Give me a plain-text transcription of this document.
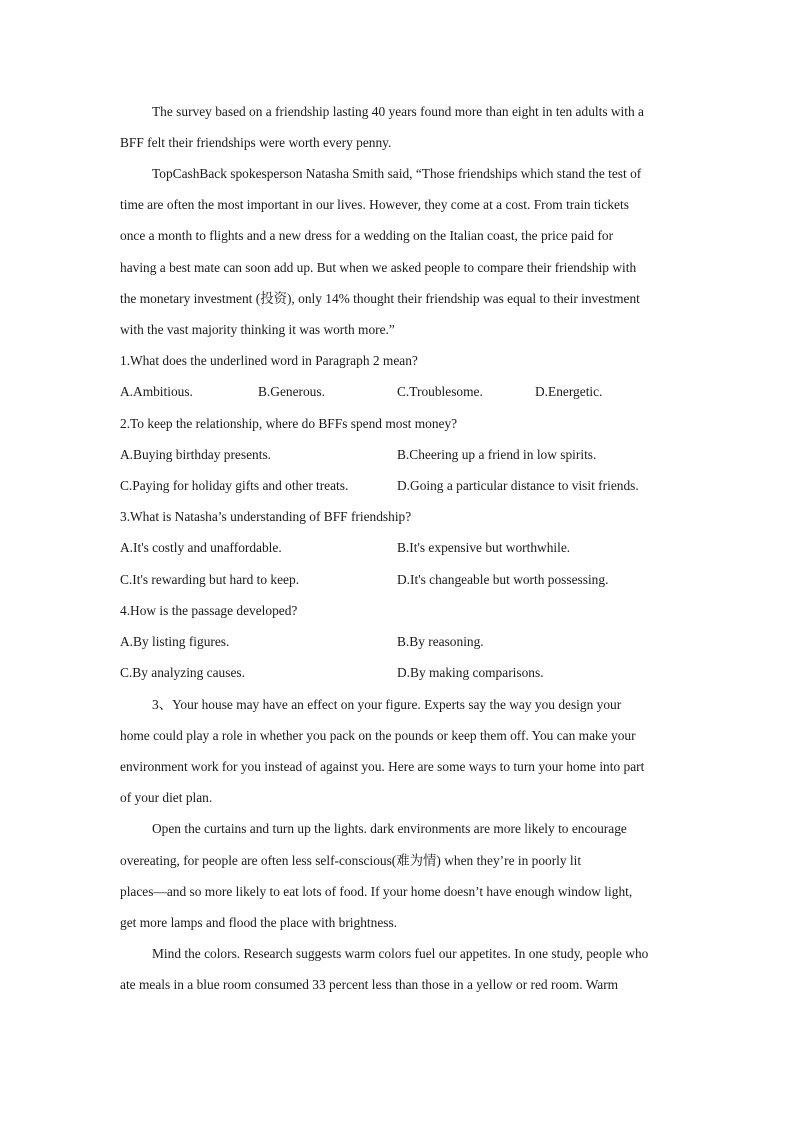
The survey based on a friendship lasting 40 years found more than eight in ten adults with a
BFF felt their friendships were worth every penny.
TopCashBack spokesperson Natasha Smith said, “Those friendships which stand the test of
time are often the most important in our lives. However, they come at a cost. From train tickets
once a month to flights and a new dress for a wedding on the Italian coast, the price paid for
having a best mate can soon add up. But when we asked people to compare their friendship with
the monetary investment (投资), only 14% thought their friendship was equal to their investment
with the vast majority thinking it was worth more.”
1.What does the underlined word in Paragraph 2 mean?
A.Ambitious.	B.Generous.	C.Troublesome.	D.Energetic.
2.To keep the relationship, where do BFFs spend most money?
A.Buying birthday presents.	B.Cheering up a friend in low spirits.
C.Paying for holiday gifts and other treats.	D.Going a particular distance to visit friends.
3.What is Natasha’s understanding of BFF friendship?
A.It's costly and unaffordable.	B.It's expensive but worthwhile.
C.It's rewarding but hard to keep.	D.It's changeable but worth possessing.
4.How is the passage developed?
A.By listing figures.	B.By reasoning.
C.By analyzing causes.	D.By making comparisons.
3、Your house may have an effect on your figure. Experts say the way you design your
home could play a role in whether you pack on the pounds or keep them off. You can make your
environment work for you instead of against you. Here are some ways to turn your home into part
of your diet plan.
Open the curtains and turn up the lights. dark environments are more likely to encourage
overeating, for people are often less self-conscious(难为情) when they’re in poorly lit
places—and so more likely to eat lots of food. If your home doesn’t have enough window light,
get more lamps and flood the place with brightness.
Mind the colors. Research suggests warm colors fuel our appetites. In one study, people who
ate meals in a blue room consumed 33 percent less than those in a yellow or red room. Warm
